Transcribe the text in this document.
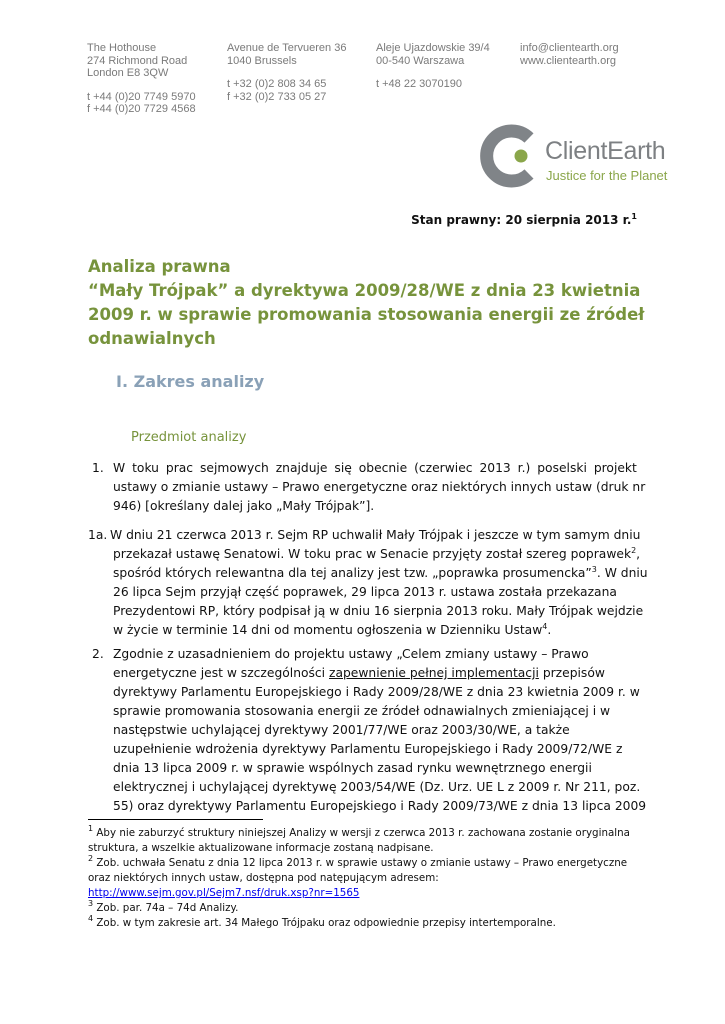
The Hothouse
274 Richmond Road
London E8 3QW
t +44 (0)20 7749 5970
f +44 (0)20 7729 4568
Avenue de Tervueren 36
1040 Brussels
t +32 (0)2 808 34 65
f +32 (0)2 733 05 27
Aleje Ujazdowskie 39/4
00-540 Warszawa
t +48 22 3070190
info@clientearth.org
www.clientearth.org
ClientEarth
Justice for the Planet
Stan prawny: 20 sierpnia 2013 r.$^1$
Analiza prawna
“Mały Trójpak” a dyrektywa 2009/28/WE z dnia 23 kwietnia
2009 r. w sprawie promowania stosowania energii ze źródeł
odnawialnych
I. Zakres analizy
Przedmiot analizy
1. W toku prac sejmowych znajduje się obecnie (czerwiec 2013 r.) poselski projekt
ustawy o zmianie ustawy – Prawo energetyczne oraz niektórych innych ustaw (druk nr
946) [określany dalej jako „Mały Trójpak”].
1a. W dniu 21 czerwca 2013 r. Sejm RP uchwalił Mały Trójpak i jeszcze w tym samym dniu
przekazał ustawę Senatowi. W toku prac w Senacie przyjęty został szereg poprawek$^2$,
spośród których relewantna dla tej analizy jest tzw. „poprawka prosumencka”$^3$. W dniu
26 lipca Sejm przyjął część poprawek, 29 lipca 2013 r. ustawa została przekazana
Prezydentowi RP, który podpisał ją w dniu 16 sierpnia 2013 roku. Mały Trójpak wejdzie
w życie w terminie 14 dni od momentu ogłoszenia w Dzienniku Ustaw$^4$.
2. Zgodnie z uzasadnieniem do projektu ustawy „Celem zmiany ustawy – Prawo
energetyczne jest w szczególności zapewnienie pełnej implementacji przepisów
dyrektywy Parlamentu Europejskiego i Rady 2009/28/WE z dnia 23 kwietnia 2009 r. w
sprawie promowania stosowania energii ze źródeł odnawialnych zmieniającej i w
następstwie uchylającej dyrektywy 2001/77/WE oraz 2003/30/WE, a także
uzupełnienie wdrożenia dyrektywy Parlamentu Europejskiego i Rady 2009/72/WE z
dnia 13 lipca 2009 r. w sprawie wspólnych zasad rynku wewnętrznego energii
elektrycznej i uchylającej dyrektywę 2003/54/WE (Dz. Urz. UE L z 2009 r. Nr 211, poz.
55) oraz dyrektywy Parlamentu Europejskiego i Rady 2009/73/WE z dnia 13 lipca 2009
$^1$ Aby nie zaburzyć struktury niniejszej Analizy w wersji z czerwca 2013 r. zachowana zostanie oryginalna
struktura, a wszelkie aktualizowane informacje zostaną nadpisane.
$^2$ Zob. uchwała Senatu z dnia 12 lipca 2013 r. w sprawie ustawy o zmianie ustawy – Prawo energetyczne
oraz niektórych innych ustaw, dostępna pod natępującym adresem:
http://www.sejm.gov.pl/Sejm7.nsf/druk.xsp?nr=1565
$^3$ Zob. par. 74a – 74d Analizy.
$^4$ Zob. w tym zakresie art. 34 Małego Trójpaku oraz odpowiednie przepisy intertemporalne.
